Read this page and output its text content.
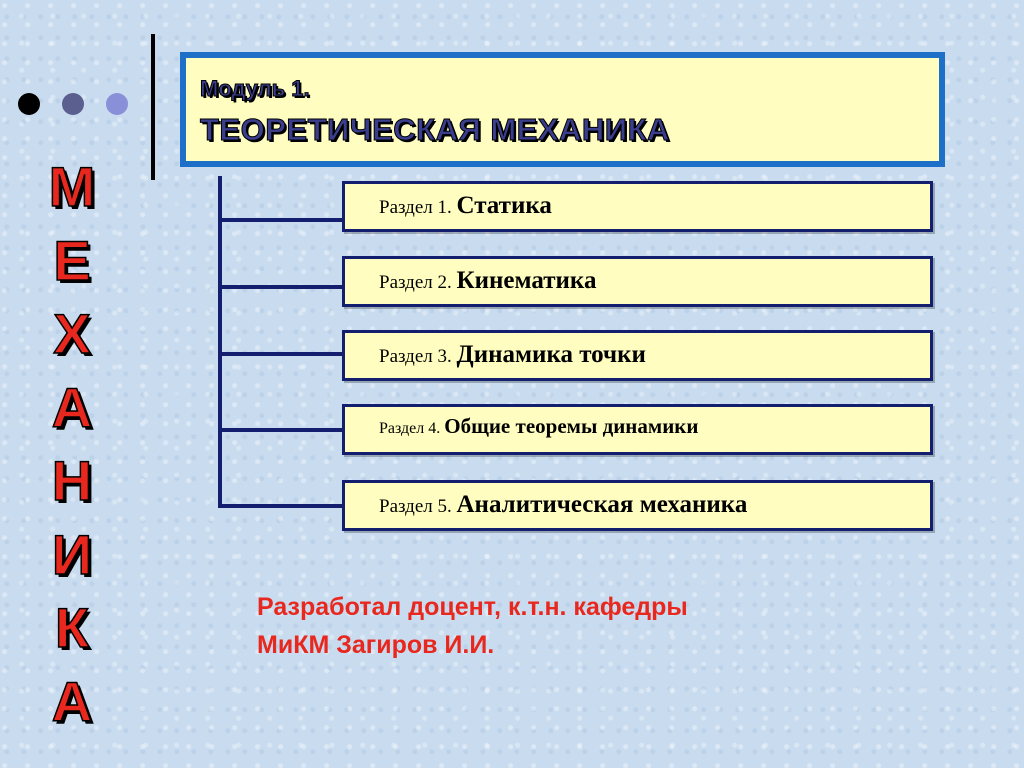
Модуль 1.
ТЕОРЕТИЧЕСКАЯ МЕХАНИКА
М
Е
Х
А
Н
И
К
А
Раздел 1. Статика
Раздел 2. Кинематика
Раздел 3. Динамика точки
Раздел 4. Общие теоремы динамики
Раздел 5. Аналитическая механика
Разработал доцент, к.т.н. кафедры
МиКМ Загиров И.И.
